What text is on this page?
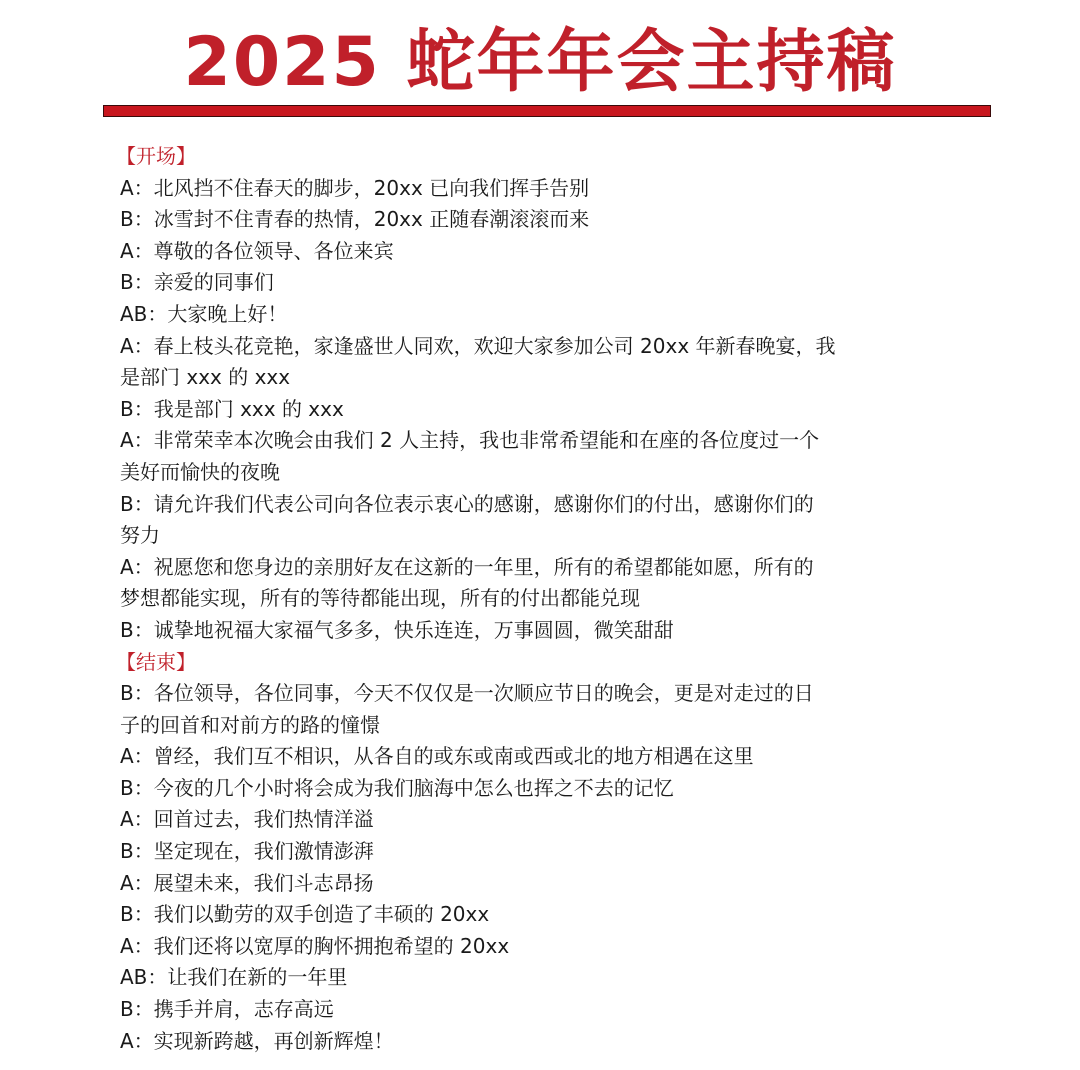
2025 蛇年年会主持稿
【开场】
A：北风挡不住春天的脚步，20xx 已向我们挥手告别
B：冰雪封不住青春的热情，20xx 正随春潮滚滚而来
A：尊敬的各位领导、各位来宾
B：亲爱的同事们
AB：大家晚上好！
A：春上枝头花竞艳，家逢盛世人同欢，欢迎大家参加公司 20xx 年新春晚宴，我
是部门 xxx 的 xxx
B：我是部门 xxx 的 xxx
A：非常荣幸本次晚会由我们 2 人主持，我也非常希望能和在座的各位度过一个
美好而愉快的夜晚
B：请允许我们代表公司向各位表示衷心的感谢，感谢你们的付出，感谢你们的
努力
A：祝愿您和您身边的亲朋好友在这新的一年里，所有的希望都能如愿，所有的
梦想都能实现，所有的等待都能出现，所有的付出都能兑现
B：诚挚地祝福大家福气多多，快乐连连，万事圆圆，微笑甜甜
【结束】
B：各位领导，各位同事，今天不仅仅是一次顺应节日的晚会，更是对走过的日
子的回首和对前方的路的憧憬
A：曾经，我们互不相识，从各自的或东或南或西或北的地方相遇在这里
B：今夜的几个小时将会成为我们脑海中怎么也挥之不去的记忆
A：回首过去，我们热情洋溢
B：坚定现在，我们激情澎湃
A：展望未来，我们斗志昂扬
B：我们以勤劳的双手创造了丰硕的 20xx
A：我们还将以宽厚的胸怀拥抱希望的 20xx
AB：让我们在新的一年里
B：携手并肩，志存高远
A：实现新跨越，再创新辉煌！
